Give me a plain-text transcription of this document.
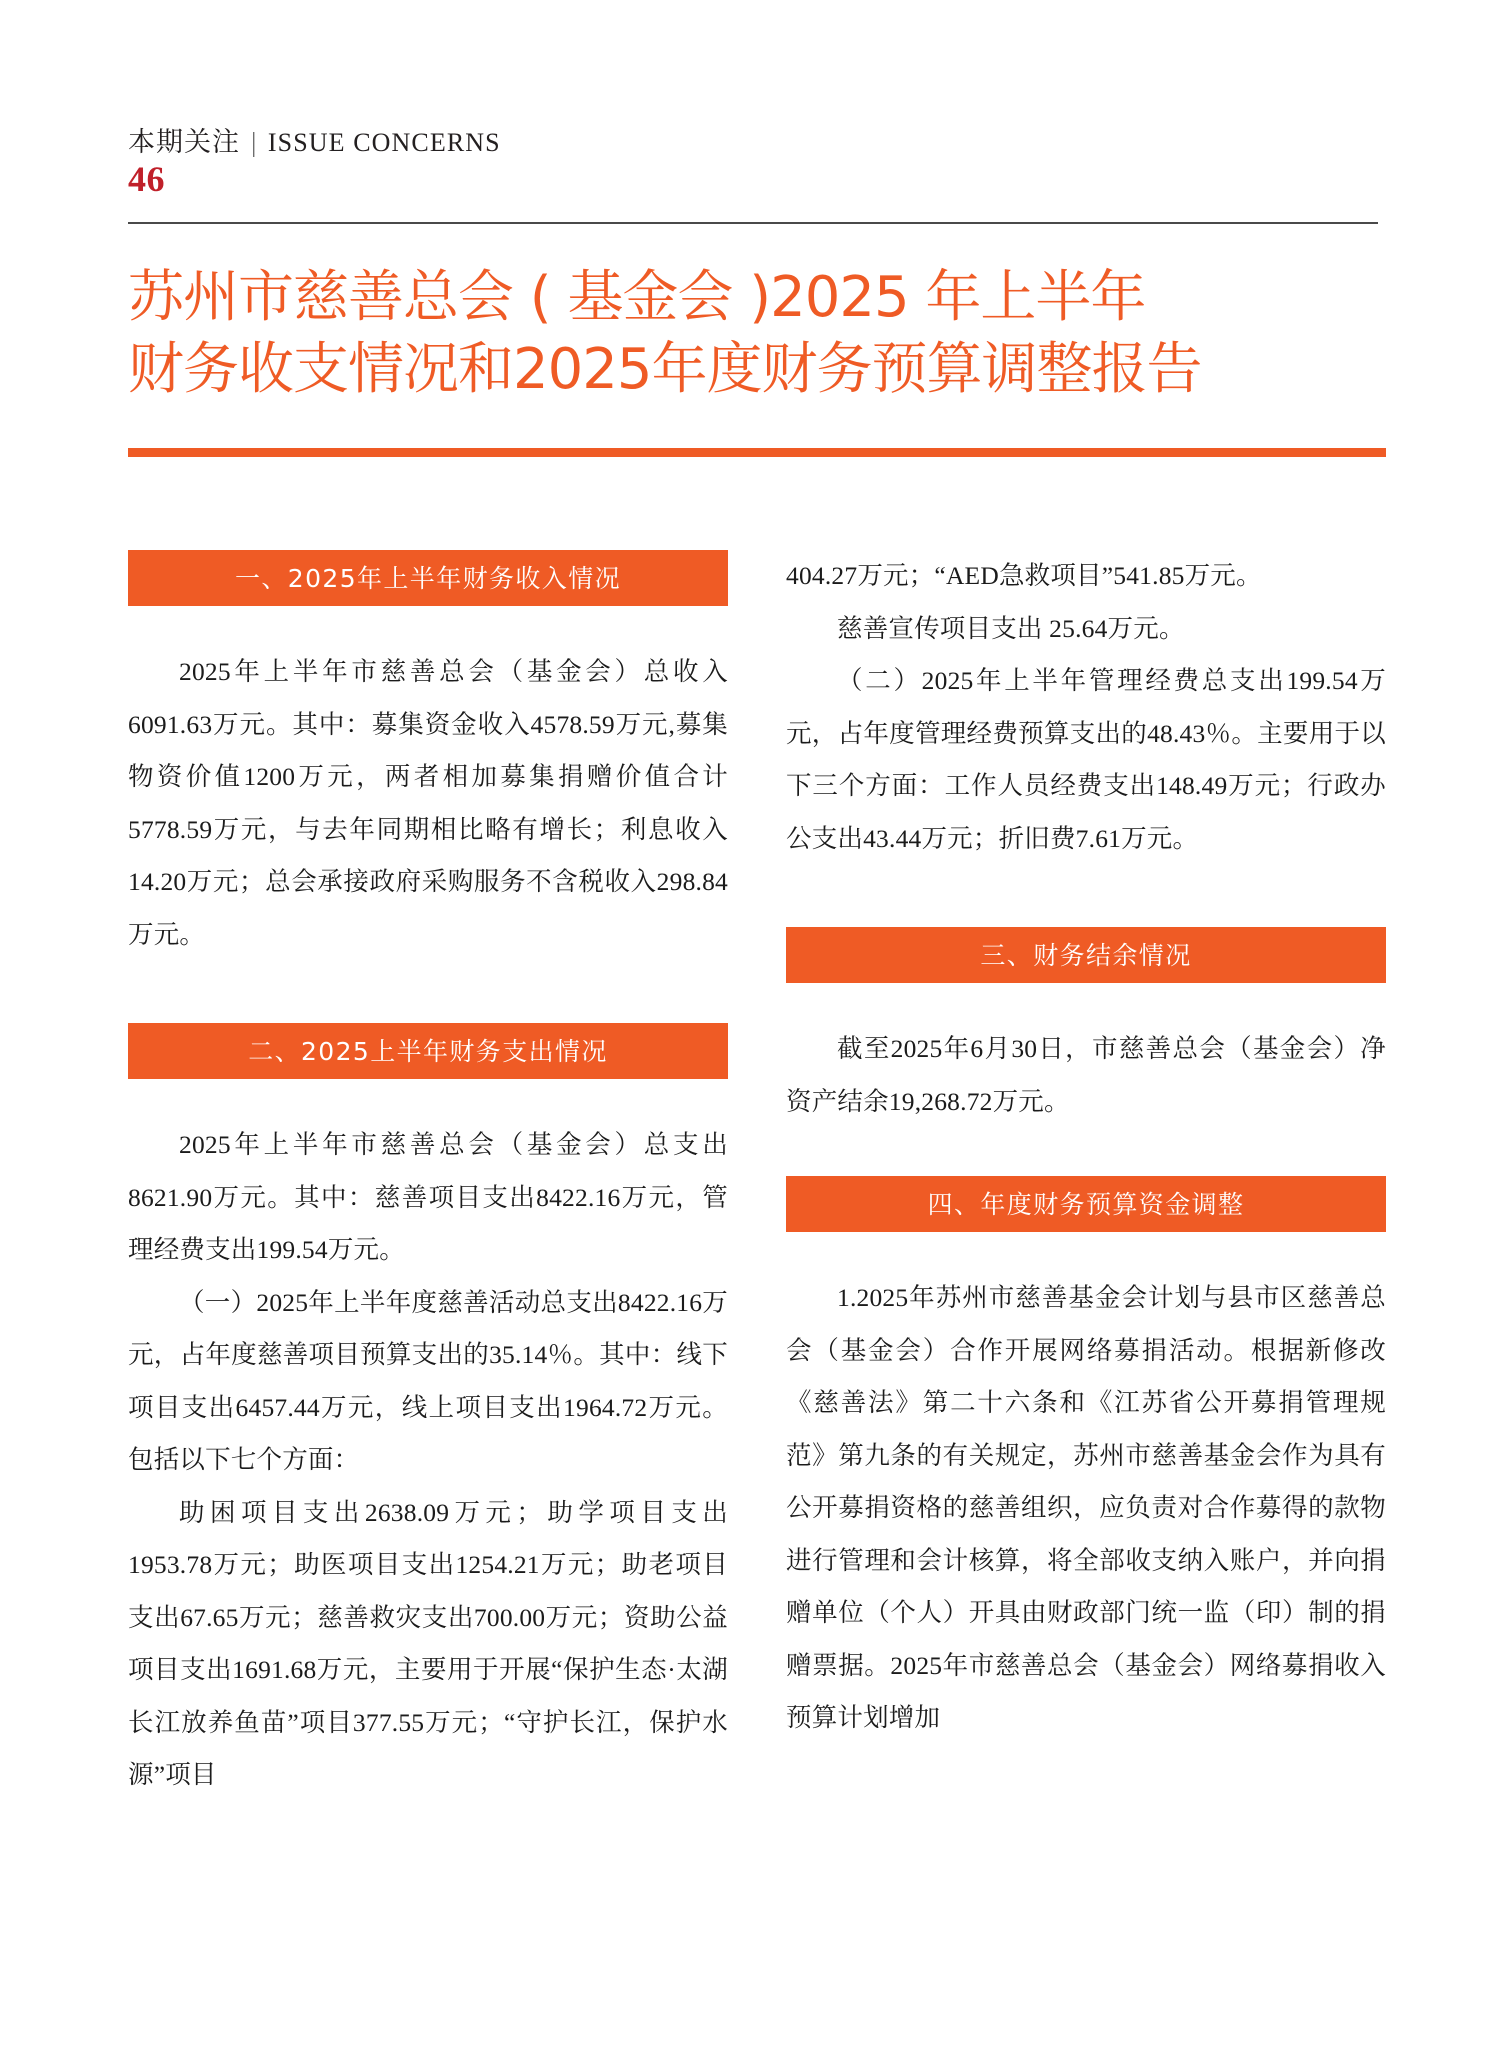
本期关注 | ISSUE CONCERNS
46
苏州市慈善总会 ( 基金会 )2025 年上半年
财务收支情况和2025年度财务预算调整报告
一、2025年上半年财务收入情况

2025年上半年市慈善总会（基金会）总收入6091.63万元。其中：募集资金收入4578.59万元,募集物资价值1200万元，两者相加募集捐赠价值合计5778.59万元，与去年同期相比略有增长；利息收入14.20万元；总会承接政府采购服务不含税收入298.84万元。

二、2025上半年财务支出情况

2025年上半年市慈善总会（基金会）总支出8621.90万元。其中：慈善项目支出8422.16万元，管理经费支出199.54万元。

（一）2025年上半年度慈善活动总支出8422.16万元，占年度慈善项目预算支出的35.14％。其中：线下项目支出6457.44万元，线上项目支出1964.72万元。包括以下七个方面：

助困项目支出2638.09万元；助学项目支出1953.78万元；助医项目支出1254.21万元；助老项目支出67.65万元；慈善救灾支出700.00万元；资助公益项目支出1691.68万元，主要用于开展“保护生态·太湖长江放养鱼苗”项目377.55万元；“守护长江，保护水源”项目

404.27万元；“AED急救项目”541.85万元。

慈善宣传项目支出 25.64万元。

（二）2025年上半年管理经费总支出199.54万元，占年度管理经费预算支出的48.43％。主要用于以下三个方面：工作人员经费支出148.49万元；行政办公支出43.44万元；折旧费7.61万元。

三、财务结余情况

截至2025年6月30日，市慈善总会（基金会）净资产结余19,268.72万元。

四、年度财务预算资金调整

1.2025年苏州市慈善基金会计划与县市区慈善总会（基金会）合作开展网络募捐活动。根据新修改《慈善法》第二十六条和《江苏省公开募捐管理规范》第九条的有关规定，苏州市慈善基金会作为具有公开募捐资格的慈善组织，应负责对合作募得的款物进行管理和会计核算，将全部收支纳入账户，并向捐赠单位（个人）开具由财政部门统一监（印）制的捐赠票据。2025年市慈善总会（基金会）网络募捐收入预算计划增加
